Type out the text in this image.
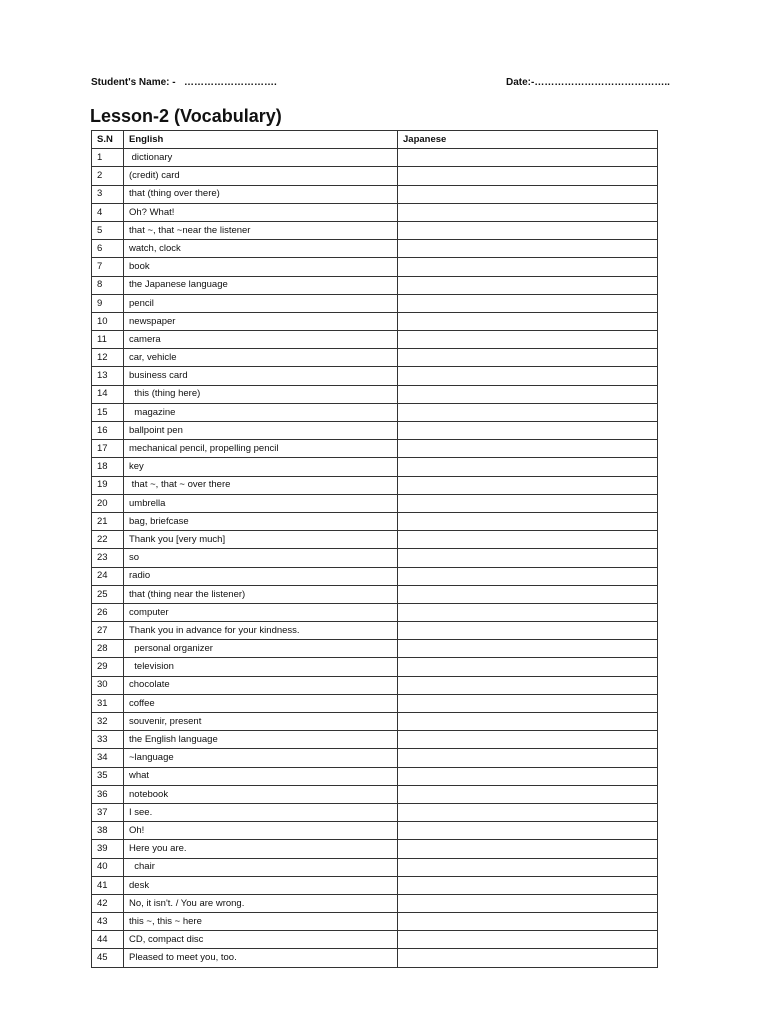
Student's Name: -   ……………………….	Date:-…………………………………..
Lesson-2 (Vocabulary)
S.N	English	Japanese
1	dictionary	
2	(credit) card	
3	that (thing over there)	
4	Oh? What!	
5	that ~, that ~near the listener	
6	watch, clock	
7	book	
8	the Japanese language	
9	pencil	
10	newspaper	
11	camera	
12	car, vehicle	
13	business card	
14	this (thing here)	
15	magazine	
16	ballpoint pen	
17	mechanical pencil, propelling pencil	
18	key	
19	that ~, that ~ over there	
20	umbrella	
21	bag, briefcase	
22	Thank you [very much]	
23	so	
24	radio	
25	that (thing near the listener)	
26	computer	
27	Thank you in advance for your kindness.	
28	personal organizer	
29	television	
30	chocolate	
31	coffee	
32	souvenir, present	
33	the English language	
34	~language	
35	what	
36	notebook	
37	I see.	
38	Oh!	
39	Here you are.	
40	chair	
41	desk	
42	No, it isn't. / You are wrong.	
43	this ~, this ~ here	
44	CD, compact disc	
45	Pleased to meet you, too.	
